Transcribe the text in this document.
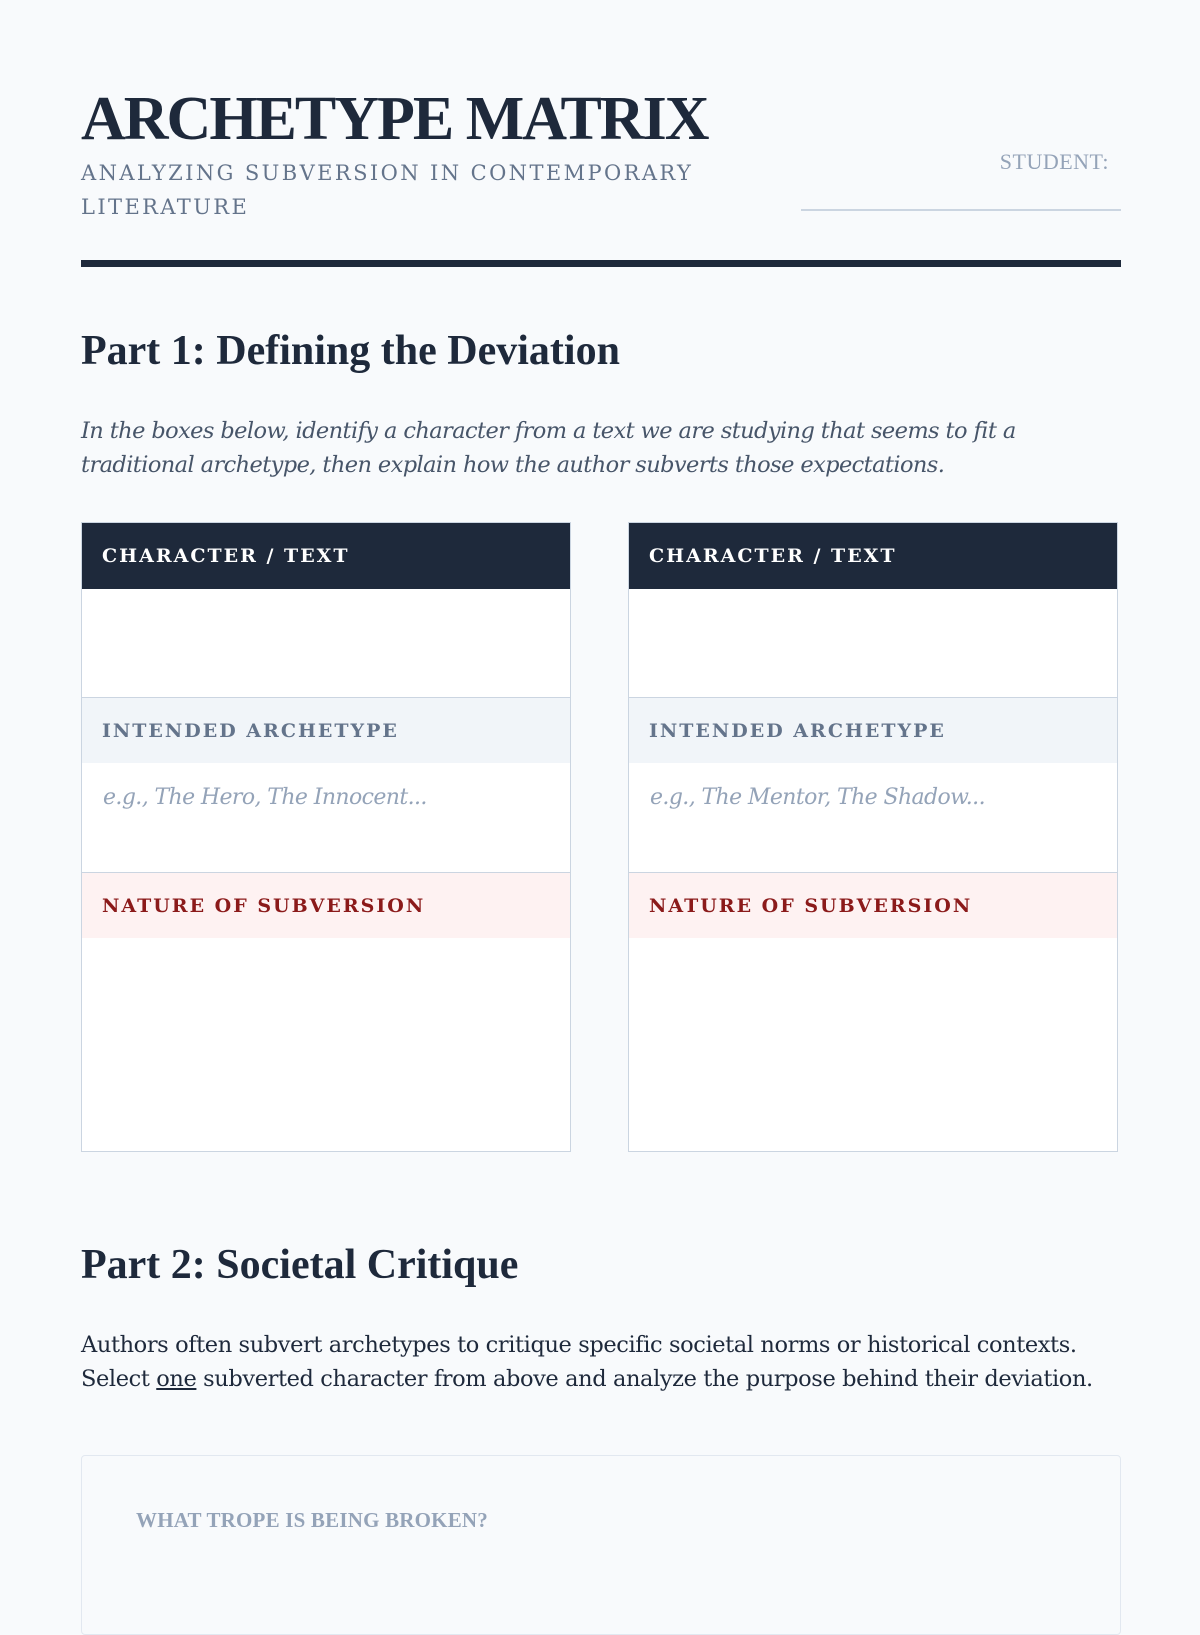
ARCHETYPE MATRIX

ANALYZING SUBVERSION IN CONTEMPORARY LITERATURE

STUDENT:
Part 1: Defining the Deviation

In the boxes below, identify a character from a text we are studying that seems to fit a traditional archetype, then explain how the author subverts those expectations.

CHARACTER / TEXT
INTENDED ARCHETYPE
e.g., The Hero, The Innocent...
NATURE OF SUBVERSION
CHARACTER / TEXT
INTENDED ARCHETYPE
e.g., The Mentor, The Shadow...
NATURE OF SUBVERSION
Part 2: Societal Critique

Authors often subvert archetypes to critique specific societal norms or historical contexts. Select one subverted character from above and analyze the purpose behind their deviation.

WHAT TROPE IS BEING BROKEN?
